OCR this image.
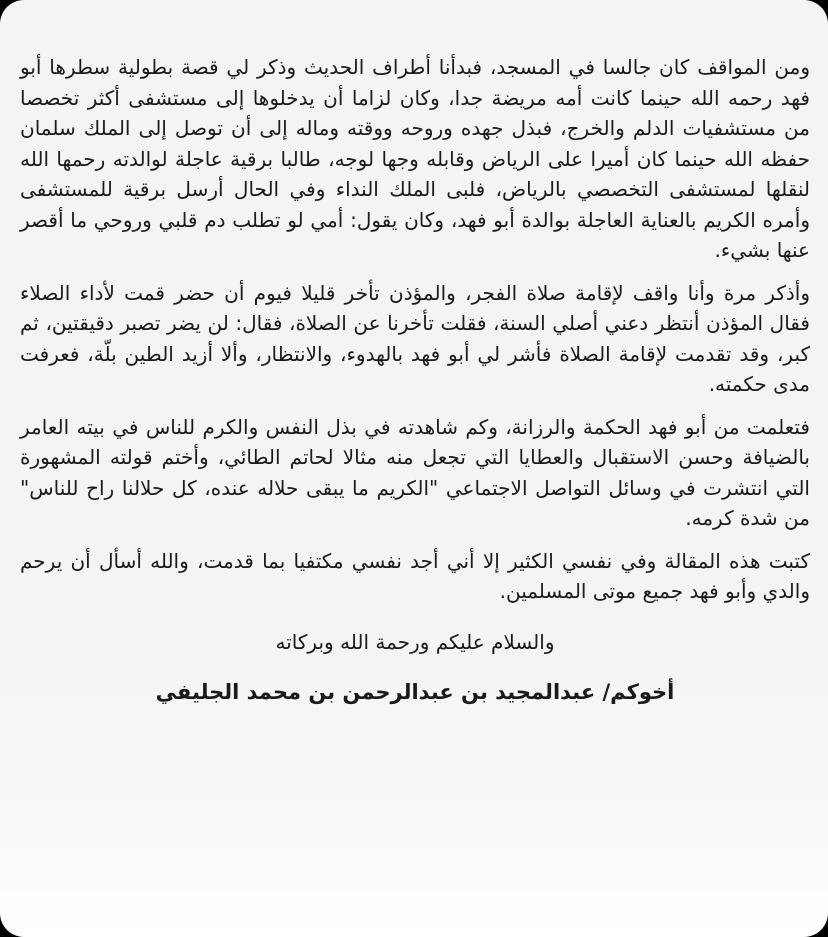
ومن المواقف كان جالسا في المسجد، فبدأنا أطراف الحديث وذكر لي قصة بطولية سطرها أبو فهد رحمه الله حينما كانت أمه مريضة جدا، وكان لزاما أن يدخلوها إلى مستشفى أكثر تخصصا من مستشفيات الدلم والخرج، فبذل جهده وروحه ووقته وماله إلى أن توصل إلى الملك سلمان حفظه الله حينما كان أميرا على الرياض وقابله وجها لوجه، طالبا برقية عاجلة لوالدته رحمها الله لنقلها لمستشفى التخصصي بالرياض، فلبى الملك النداء وفي الحال أرسل برقية للمستشفى وأمره الكريم بالعناية العاجلة بوالدة أبو فهد، وكان يقول: أمي لو تطلب دم قلبي وروحي ما أقصر عنها بشيء.

وأذكر مرة وأنا واقف لإقامة صلاة الفجر، والمؤذن تأخر قليلا فيوم أن حضر قمت لأداء الصلاء فقال المؤذن أنتظر دعني أصلي السنة، فقلت تأخرنا عن الصلاة، فقال: لن يضر تصبر دقيقتين، ثم كبر، وقد تقدمت لإقامة الصلاة فأشر لي أبو فهد بالهدوء، والانتظار، وألا أزيد الطين بلّة، فعرفت مدى حكمته.

فتعلمت من أبو فهد الحكمة والرزانة، وكم شاهدته في بذل النفس والكرم للناس في بيته العامر بالضيافة وحسن الاستقبال والعطايا التي تجعل منه مثالا لحاتم الطائي، وأختم قولته المشهورة التي انتشرت في وسائل التواصل الاجتماعي "الكريم ما يبقى حلاله عنده، كل حلالنا راح للناس" من شدة كرمه.

كتبت هذه المقالة وفي نفسي الكثير إلا أني أجد نفسي مكتفيا بما قدمت، والله أسأل أن يرحم والدي وأبو فهد جميع موتى المسلمين.

والسلام عليكم ورحمة الله وبركاته

أخوكم/ عبدالمجيد بن عبدالرحمن بن محمد الجليفي
